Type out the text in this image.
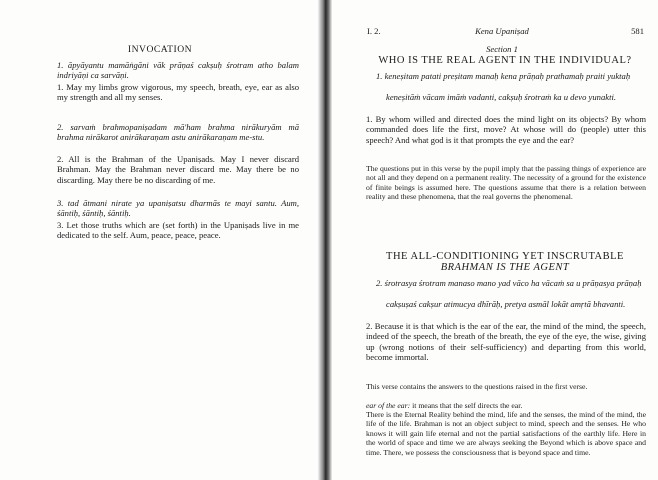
INVOCATION
1. āpyāyantu mamāṅgāni vāk prāṇaś cakṣuḥ śrotram atho balam indriyāṇi ca sarvāṇi.
1. May my limbs grow vigorous, my speech, breath, eye, ear as also my strength and all my senses.
2. sarvaṁ brahmopaniṣadam mā'ham brahma nirākuryām mā brahma nirākarot anirākaraṇam astu anirākaraṇam me-stu.
2. All is the Brahman of the Upaniṣads. May I never discard Brahman. May the Brahman never discard me. May there be no discarding. May there be no discarding of me.
3. tad ātmani nirate ya upaniṣatsu dharmās te mayi santu. Aum, śāntiḥ, śāntiḥ, śāntiḥ.
3. Let those truths which are (set forth) in the Upaniṣads live in me dedicated to the self. Aum, peace, peace, peace.
I. 2.	Kena Upaniṣad	581
Section 1
WHO IS THE REAL AGENT IN THE INDIVIDUAL?
1. keneṣitam patati preṣitam manaḥ kena prāṇaḥ prathamaḥ praiti yuktaḥ
keneṣitāṁ vācam imāṁ vadanti, cakṣuḥ śrotraṁ ka u devo yunakti.
1. By whom willed and directed does the mind light on its objects? By whom commanded does life the first, move? At whose will do (people) utter this speech? And what god is it that prompts the eye and the ear?
The questions put in this verse by the pupil imply that the passing things of experience are not all and they depend on a permanent reality. The necessity of a ground for the existence of finite beings is assumed here. The questions assume that there is a relation between reality and these phenomena, that the real governs the phenomenal.
THE ALL-CONDITIONING YET INSCRUTABLE
BRAHMAN IS THE AGENT
2. śrotrasya śrotram manaso mano yad vāco ha vācaṁ sa u prāṇasya prāṇaḥ
cakṣuṣaś cakṣur atimucya dhīrāḥ, pretya asmāl lokāt amṛtā bhavanti.
2. Because it is that which is the ear of the ear, the mind of the mind, the speech, indeed of the speech, the breath of the breath, the eye of the eye, the wise, giving up (wrong notions of their self-sufficiency) and departing from this world, become immortal.
This verse contains the answers to the questions raised in the first verse.
ear of the ear: it means that the self directs the ear.
There is the Eternal Reality behind the mind, life and the senses, the mind of the mind, the life of the life. Brahman is not an object subject to mind, speech and the senses. He who knows it will gain life eternal and not the partial satisfactions of the earthly life. Here in the world of space and time we are always seeking the Beyond which is above space and time. There, we possess the consciousness that is beyond space and time.
